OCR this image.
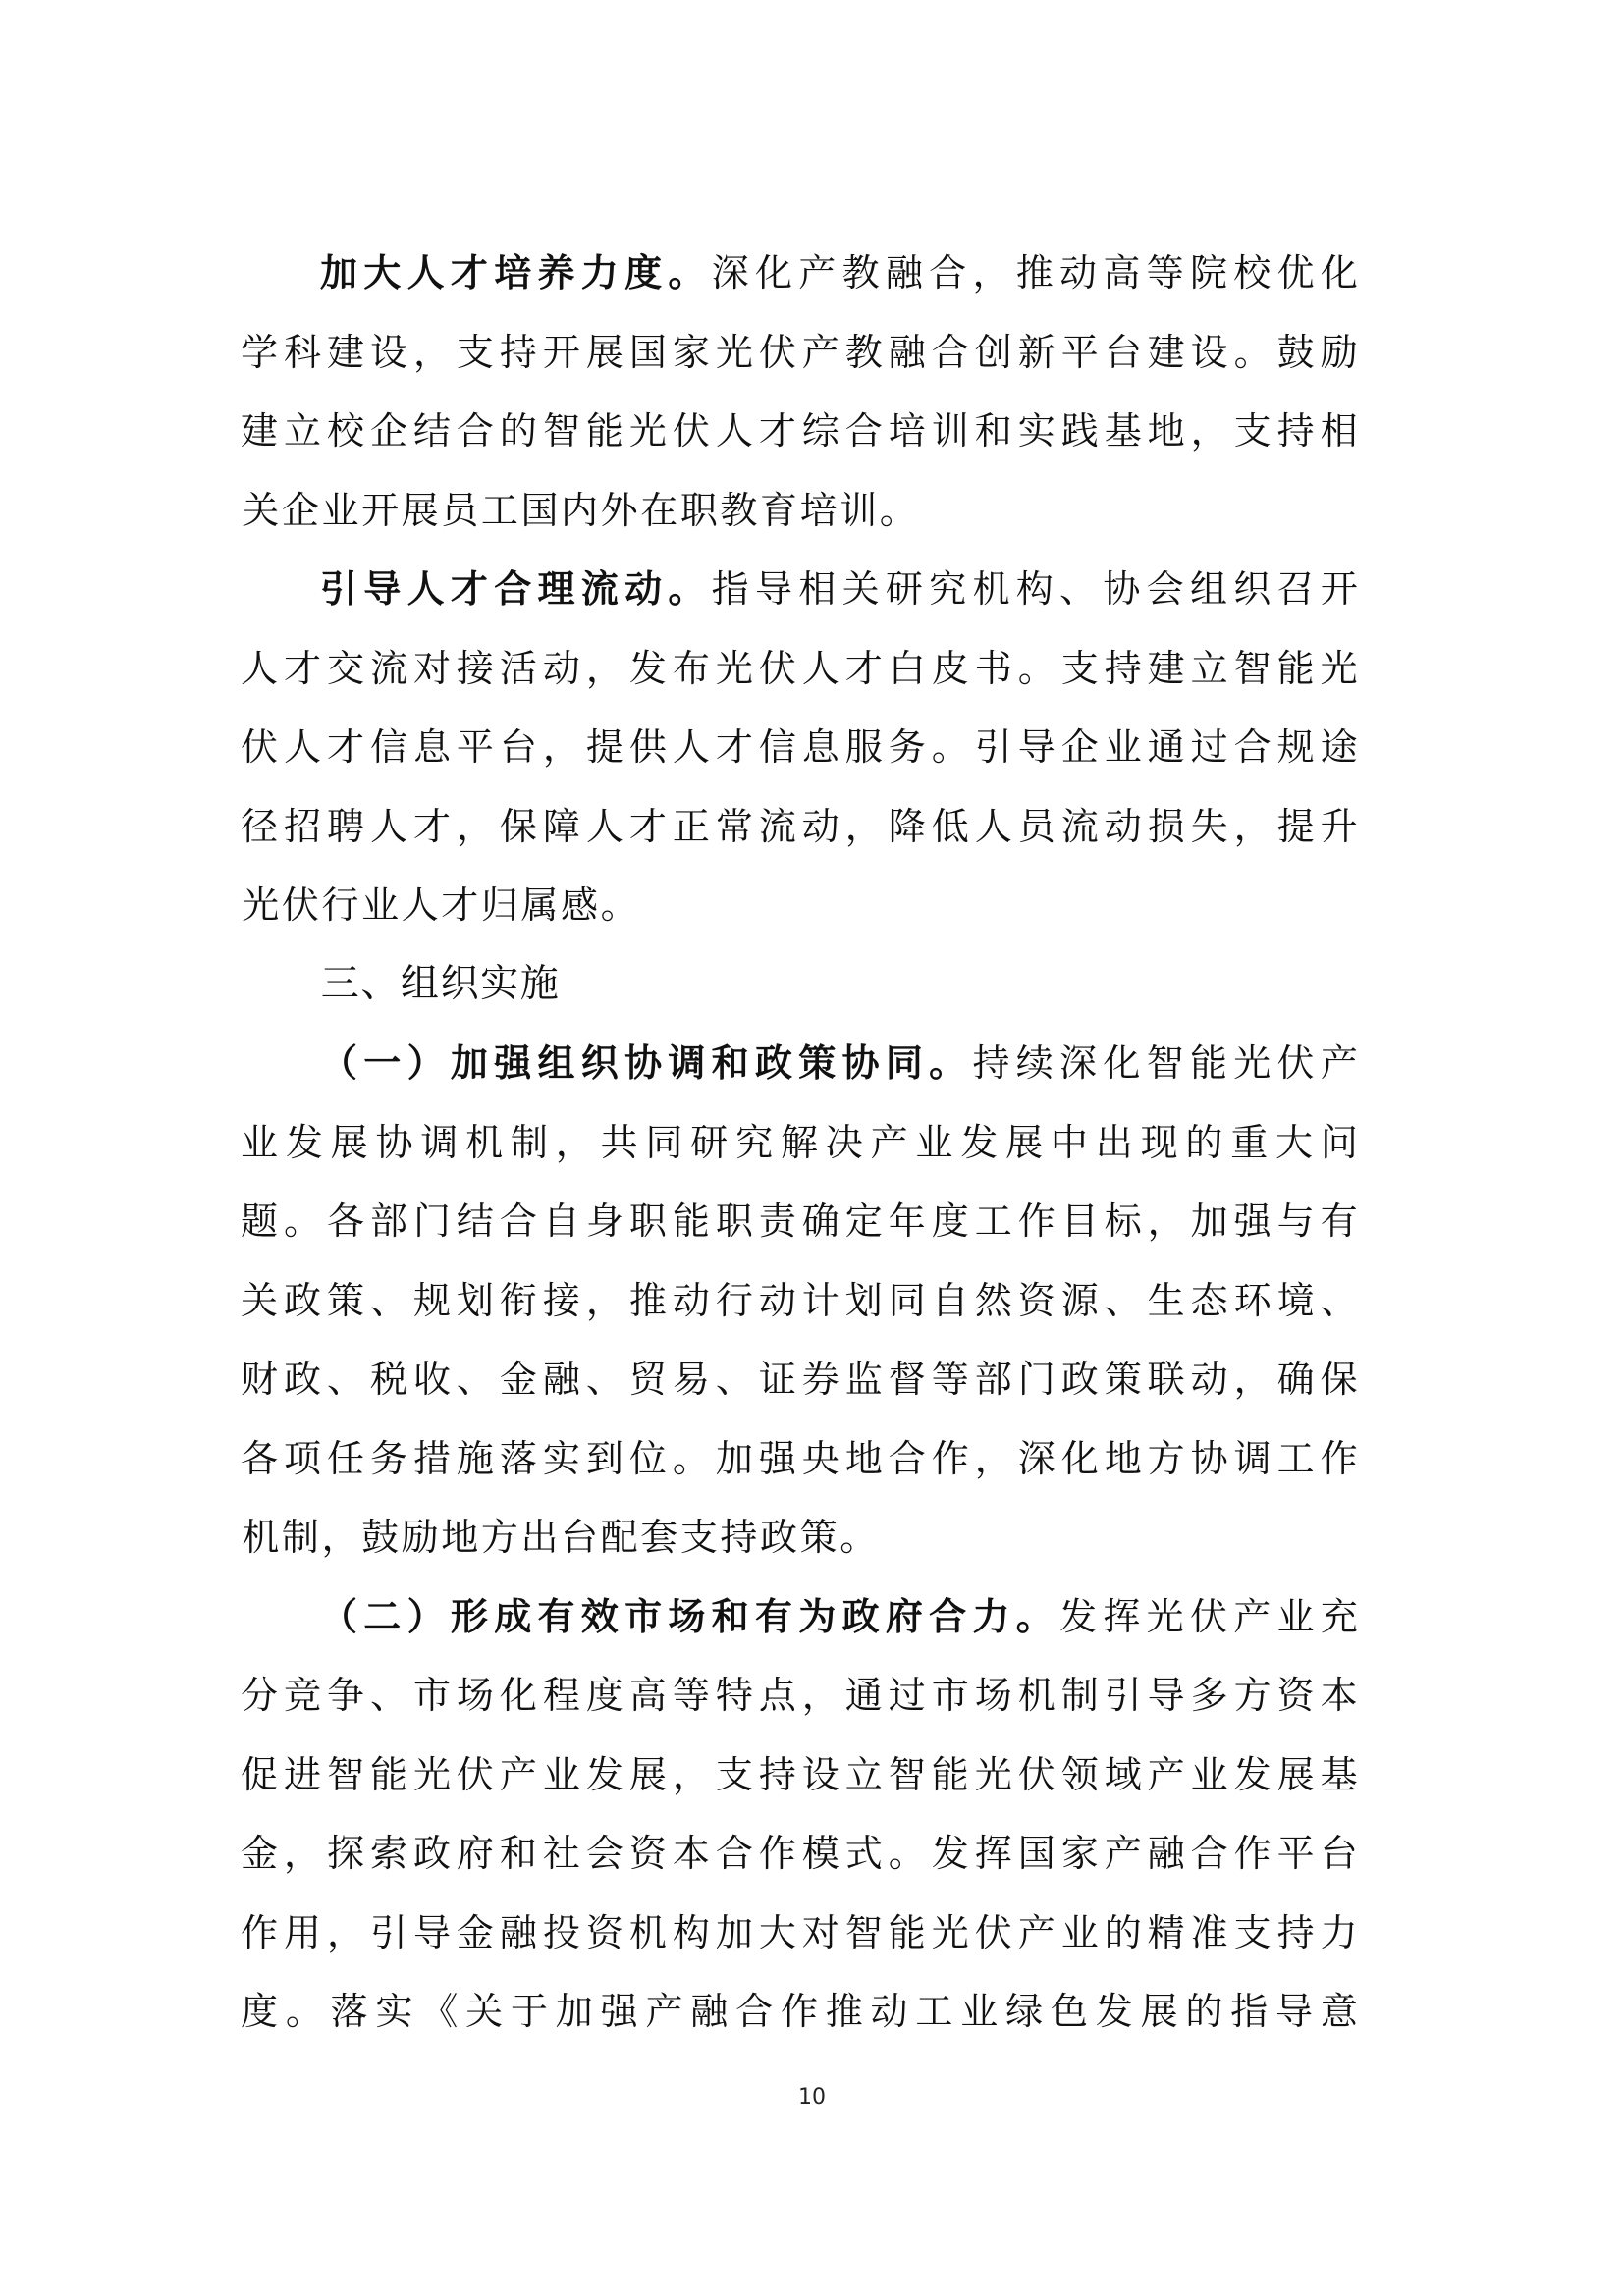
加 大 人 才 培 养 力 度 。 深 化 产 教 融 合 ， 推 动 高 等 院 校 优 化
学 科 建 设 ， 支 持 开 展 国 家 光 伏 产 教 融 合 创 新 平 台 建 设 。 鼓 励
建 立 校 企 结 合 的 智 能 光 伏 人 才 综 合 培 训 和 实 践 基 地 ， 支 持 相
关 企 业 开 展 员 工 国 内 外 在 职 教 育 培 训 。
引 导 人 才 合 理 流 动 。 指 导 相 关 研 究 机 构 、 协 会 组 织 召 开
人 才 交 流 对 接 活 动 ， 发 布 光 伏 人 才 白 皮 书 。 支 持 建 立 智 能 光
伏 人 才 信 息 平 台 ， 提 供 人 才 信 息 服 务 。 引 导 企 业 通 过 合 规 途
径 招 聘 人 才 ， 保 障 人 才 正 常 流 动 ， 降 低 人 员 流 动 损 失 ， 提 升
光 伏 行 业 人 才 归 属 感 。
三 、 组 织 实 施
（ 一 ） 加 强 组 织 协 调 和 政 策 协 同 。 持 续 深 化 智 能 光 伏 产
业 发 展 协 调 机 制 ， 共 同 研 究 解 决 产 业 发 展 中 出 现 的 重 大 问
题 。 各 部 门 结 合 自 身 职 能 职 责 确 定 年 度 工 作 目 标 ， 加 强 与 有
关 政 策 、 规 划 衔 接 ， 推 动 行 动 计 划 同 自 然 资 源 、 生 态 环 境 、
财 政 、 税 收 、 金 融 、 贸 易 、 证 券 监 督 等 部 门 政 策 联 动 ， 确 保
各 项 任 务 措 施 落 实 到 位 。 加 强 央 地 合 作 ， 深 化 地 方 协 调 工 作
机 制 ， 鼓 励 地 方 出 台 配 套 支 持 政 策 。
（ 二 ） 形 成 有 效 市 场 和 有 为 政 府 合 力 。 发 挥 光 伏 产 业 充
分 竞 争 、 市 场 化 程 度 高 等 特 点 ， 通 过 市 场 机 制 引 导 多 方 资 本
促 进 智 能 光 伏 产 业 发 展 ， 支 持 设 立 智 能 光 伏 领 域 产 业 发 展 基
金 ， 探 索 政 府 和 社 会 资 本 合 作 模 式 。 发 挥 国 家 产 融 合 作 平 台
作 用 ， 引 导 金 融 投 资 机 构 加 大 对 智 能 光 伏 产 业 的 精 准 支 持 力
度 。 落 实 《 关 于 加 强 产 融 合 作 推 动 工 业 绿 色 发 展 的 指 导 意
10
